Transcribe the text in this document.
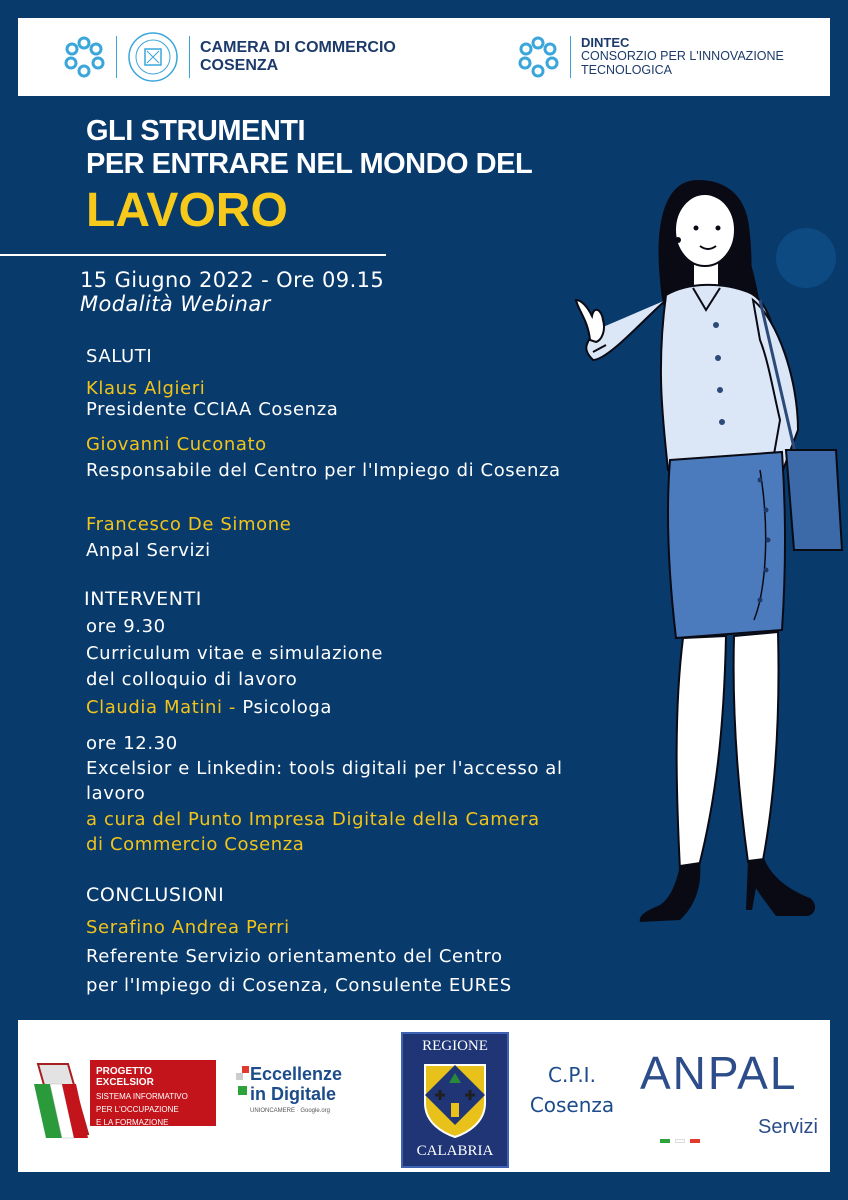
CAMERA DI COMMERCIO
COSENZA
DINTEC
CONSORZIO PER L'INNOVAZIONE
TECNOLOGICA
GLI STRUMENTI
PER ENTRARE NEL MONDO DEL
LAVORO
15 Giugno 2022 - Ore 09.15
Modalità Webinar
SALUTI
Klaus Algieri
Presidente CCIAA Cosenza
Giovanni Cuconato
Responsabile del Centro per l'Impiego di Cosenza
Francesco De Simone
Anpal Servizi
INTERVENTI
ore 9.30
Curriculum vitae e simulazione
del colloquio di lavoro
Claudia Matini - Psicologa
ore 12.30
Excelsior e Linkedin: tools digitali per l'accesso al
lavoro
a cura del Punto Impresa Digitale della Camera
di Commercio Cosenza
CONCLUSIONI
Serafino Andrea Perri
Referente Servizio orientamento del Centro
per l'Impiego di Cosenza, Consulente EURES
PROGETTO EXCELSIOR
SISTEMA INFORMATIVO
PER L'OCCUPAZIONE
E LA FORMAZIONE
Eccellenze
in Digitale
UNIONCAMERE · Google.org
REGIONE
CALABRIA
C.P.I.
Cosenza
ANPAL

Servizi
